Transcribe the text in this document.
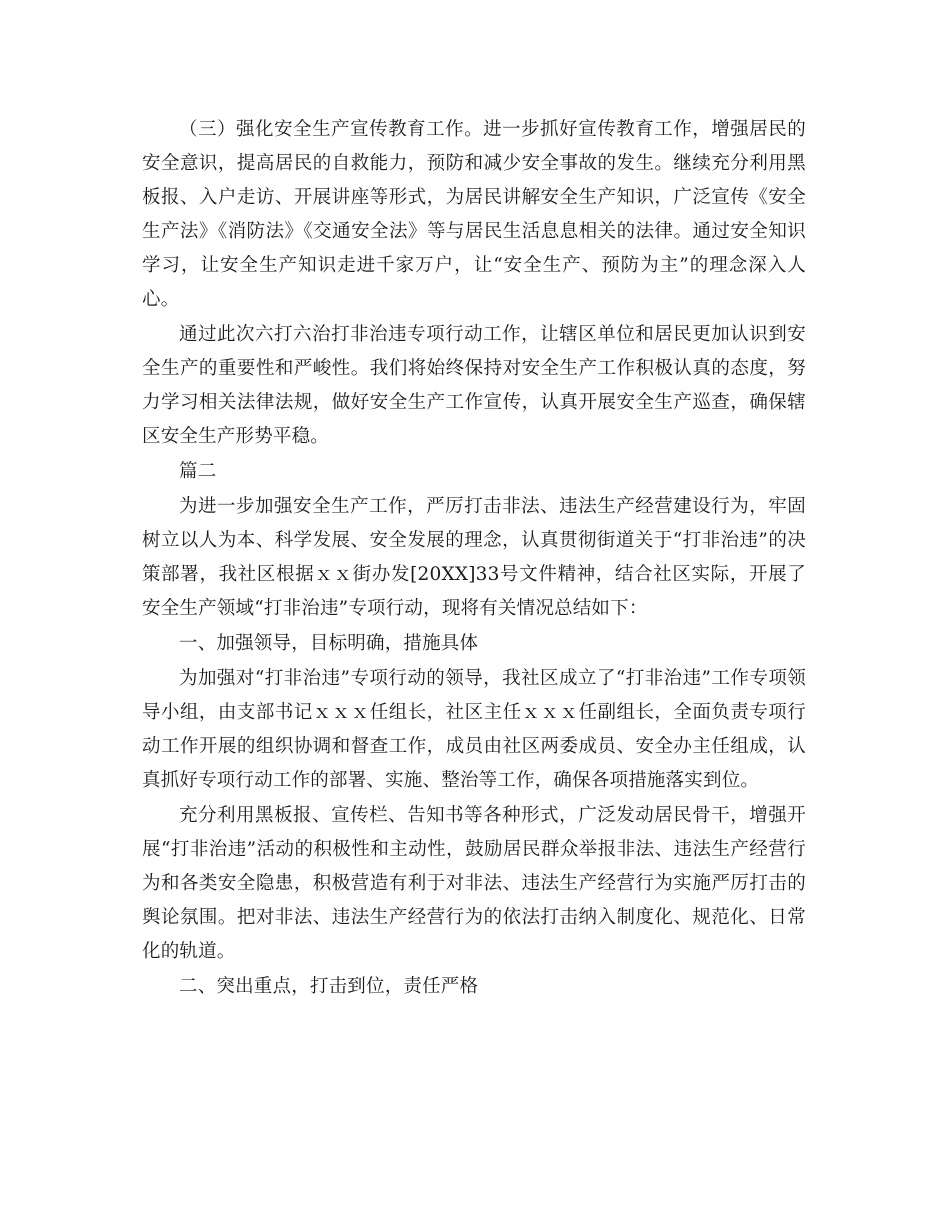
（三）强化安全生产宣传教育工作。进一步抓好宣传教育工作，增强居民的安全意识，提高居民的自救能力，预防和减少安全事故的发生。继续充分利用黑板报、入户走访、开展讲座等形式，为居民讲解安全生产知识，广泛宣传《安全生产法》《消防法》《交通安全法》等与居民生活息息相关的法律。通过安全知识学习，让安全生产知识走进千家万户，让“安全生产、预防为主”的理念深入人心。

通过此次六打六治打非治违专项行动工作，让辖区单位和居民更加认识到安全生产的重要性和严峻性。我们将始终保持对安全生产工作积极认真的态度，努力学习相关法律法规，做好安全生产工作宣传，认真开展安全生产巡查，确保辖区安全生产形势平稳。

篇二

为进一步加强安全生产工作，严厉打击非法、违法生产经营建设行为，牢固树立以人为本、科学发展、安全发展的理念，认真贯彻街道关于“打非治违”的决策部署，我社区根据ｘｘ街办发[20XX]33号文件精神，结合社区实际，开展了安全生产领域“打非治违”专项行动，现将有关情况总结如下：

一、加强领导，目标明确，措施具体

为加强对“打非治违”专项行动的领导，我社区成立了“打非治违”工作专项领导小组，由支部书记ｘｘｘ任组长，社区主任ｘｘｘ任副组长，全面负责专项行动工作开展的组织协调和督查工作，成员由社区两委成员、安全办主任组成，认真抓好专项行动工作的部署、实施、整治等工作，确保各项措施落实到位。

充分利用黑板报、宣传栏、告知书等各种形式，广泛发动居民骨干，增强开展“打非治违”活动的积极性和主动性，鼓励居民群众举报非法、违法生产经营行为和各类安全隐患，积极营造有利于对非法、违法生产经营行为实施严厉打击的舆论氛围。把对非法、违法生产经营行为的依法打击纳入制度化、规范化、日常化的轨道。

二、突出重点，打击到位，责任严格
